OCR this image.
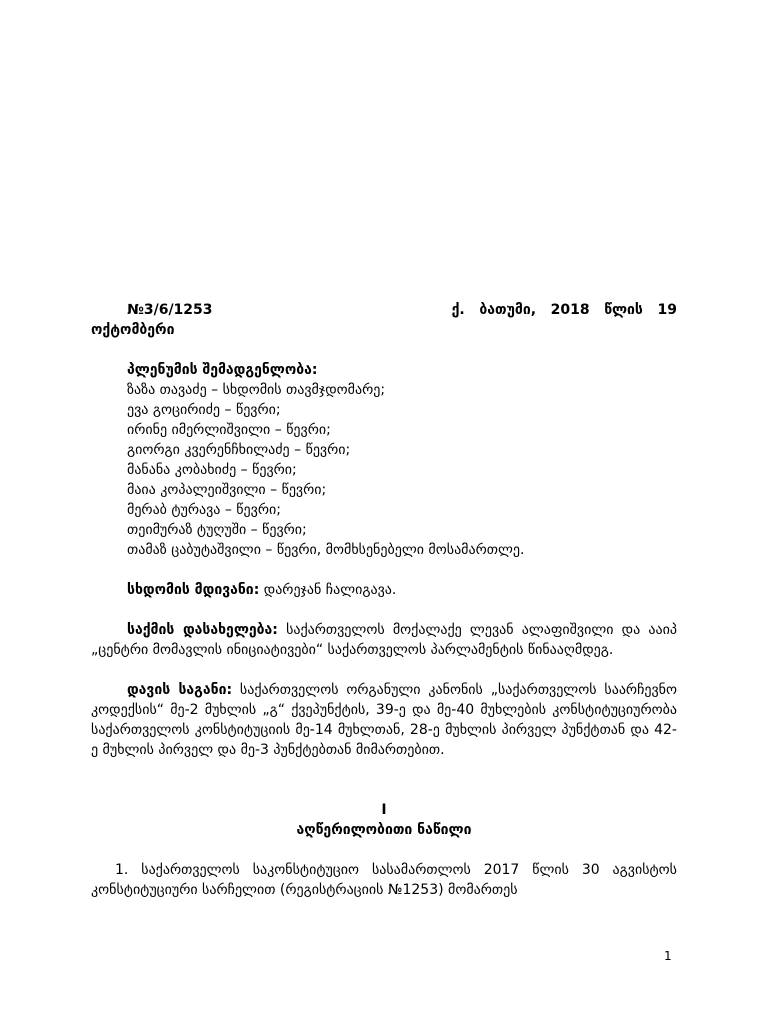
№3/6/1253	ქ.   ბათუმი,   2018   წლის   19
ოქტომბერი
პლენუმის შემადგენლობა:
ზაზა თავაძე – სხდომის თავმჯდომარე;
ევა გოცირიძე – წევრი;
ირინე იმერლიშვილი – წევრი;
გიორგი კვერენჩხილაძე – წევრი;
მანანა კობახიძე – წევრი;
მაია კოპალეიშვილი – წევრი;
მერაბ ტურავა – წევრი;
თეიმურაზ ტუღუში – წევრი;
თამაზ ცაბუტაშვილი – წევრი, მომხსენებელი მოსამართლე.
სხდომის მდივანი: დარეჯან ჩალიგავა.
საქმის დასახელება: საქართველოს მოქალაქე ლევან ალაფიშვილი და ააიპ „ცენტრი მომავლის ინიციატივები“ საქართველოს პარლამენტის წინააღმდეგ.
დავის საგანი: საქართველოს ორგანული კანონის „საქართველოს საარჩევნო კოდექსის“ მე-2 მუხლის „გ“ ქვეპუნქტის, 39-ე და მე-40 მუხლების კონსტიტუციურობა საქართველოს კონსტიტუციის მე-14 მუხლთან, 28-ე მუხლის პირველ პუნქტთან და 42-ე მუხლის პირველ და მე-3 პუნქტებთან მიმართებით.
I
აღწერილობითი ნაწილი
1. საქართველოს საკონსტიტუციო სასამართლოს 2017 წლის 30 აგვისტოს კონსტიტუციური სარჩელით (რეგისტრაციის №1253) მომართეს
1
